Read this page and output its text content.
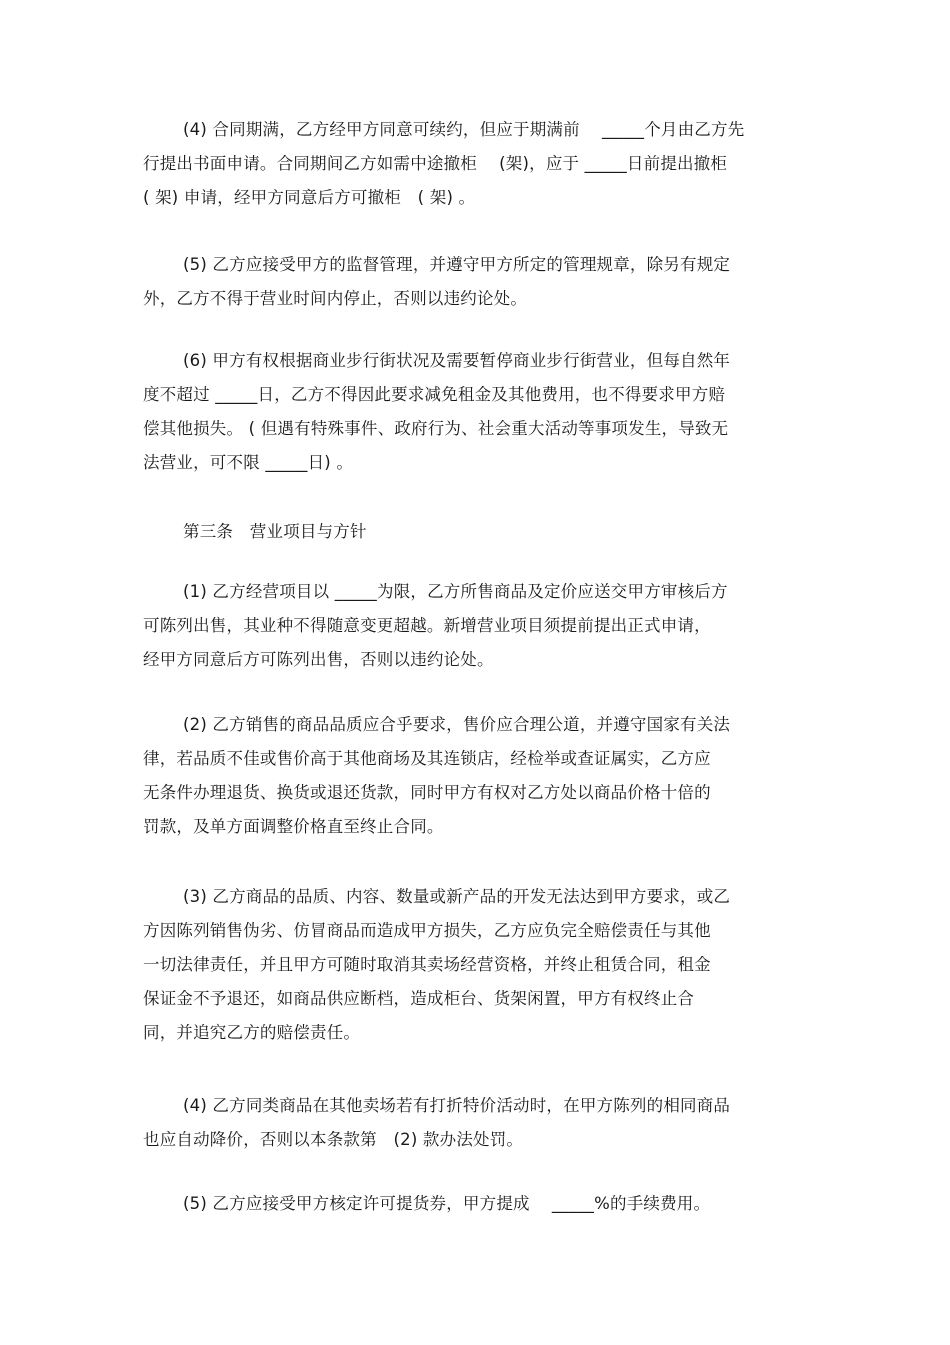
(4) 合同期满，乙方经甲方同意可续约，但应于期满前　 _____个月由乙方先
行提出书面申请。合同期间乙方如需中途撤柜　 (架)，应于 _____日前提出撤柜
( 架) 申请，经甲方同意后方可撤柜　( 架) 。
(5) 乙方应接受甲方的监督管理，并遵守甲方所定的管理规章，除另有规定
外，乙方不得于营业时间内停止，否则以违约论处。
(6) 甲方有权根据商业步行街状况及需要暂停商业步行街营业，但每自然年
度不超过 _____日，乙方不得因此要求减免租金及其他费用，也不得要求甲方赔
偿其他损失。 ( 但遇有特殊事件、政府行为、社会重大活动等事项发生，导致无
法营业，可不限 _____日) 。
第三条　营业项目与方针
(1) 乙方经营项目以 _____为限，乙方所售商品及定价应送交甲方审核后方
可陈列出售，其业种不得随意变更超越。新增营业项目须提前提出正式申请，
经甲方同意后方可陈列出售，否则以违约论处。
(2) 乙方销售的商品品质应合乎要求，售价应合理公道，并遵守国家有关法
律，若品质不佳或售价高于其他商场及其连锁店，经检举或查证属实，乙方应
无条件办理退货、换货或退还货款，同时甲方有权对乙方处以商品价格十倍的
罚款，及单方面调整价格直至终止合同。
(3) 乙方商品的品质、内容、数量或新产品的开发无法达到甲方要求，或乙
方因陈列销售伪劣、仿冒商品而造成甲方损失，乙方应负完全赔偿责任与其他
一切法律责任，并且甲方可随时取消其卖场经营资格，并终止租赁合同，租金
保证金不予退还，如商品供应断档，造成柜台、货架闲置，甲方有权终止合
同，并追究乙方的赔偿责任。
(4) 乙方同类商品在其他卖场若有打折特价活动时，在甲方陈列的相同商品
也应自动降价，否则以本条款第　(2) 款办法处罚。
(5) 乙方应接受甲方核定许可提货券，甲方提成　 _____%的手续费用。
